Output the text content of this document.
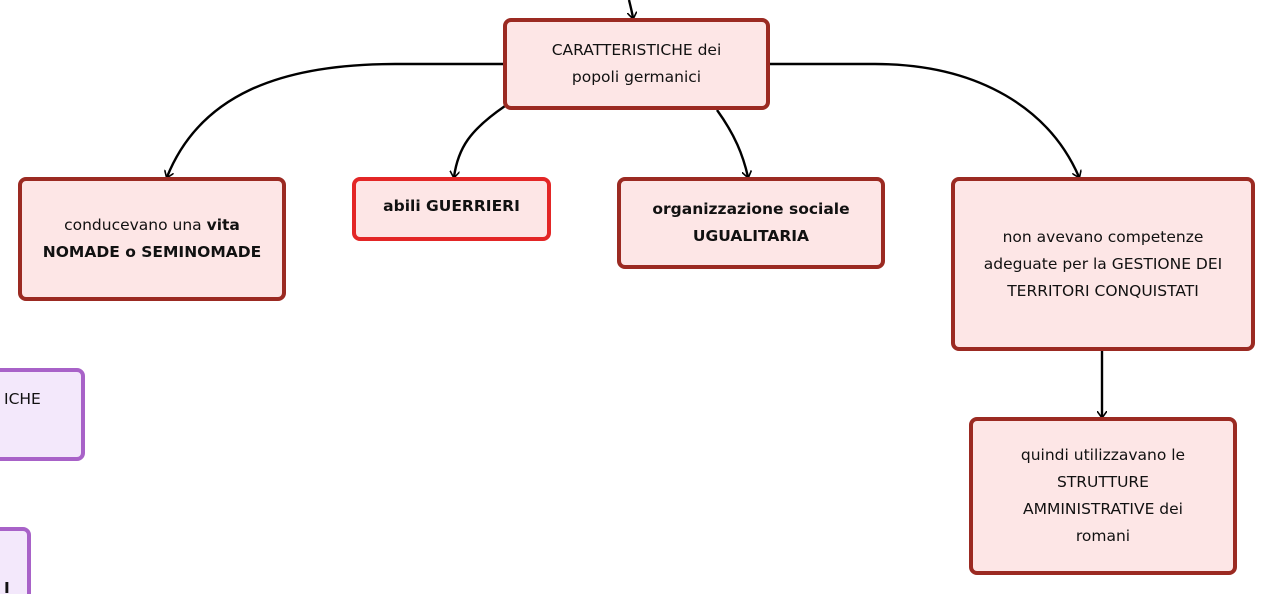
CARATTERISTICHE dei
popoli germanici
conducevano una vita
NOMADE o SEMINOMADE
abili GUERRIERI	organizzazione sociale
UGUALITARIA	non avevano competenze
adeguate per la GESTIONE DEI
TERRITORI CONQUISTATI
quindi utilizzavano le
STRUTTURE
AMMINISTRATIVE dei
romani
ICHE
I
